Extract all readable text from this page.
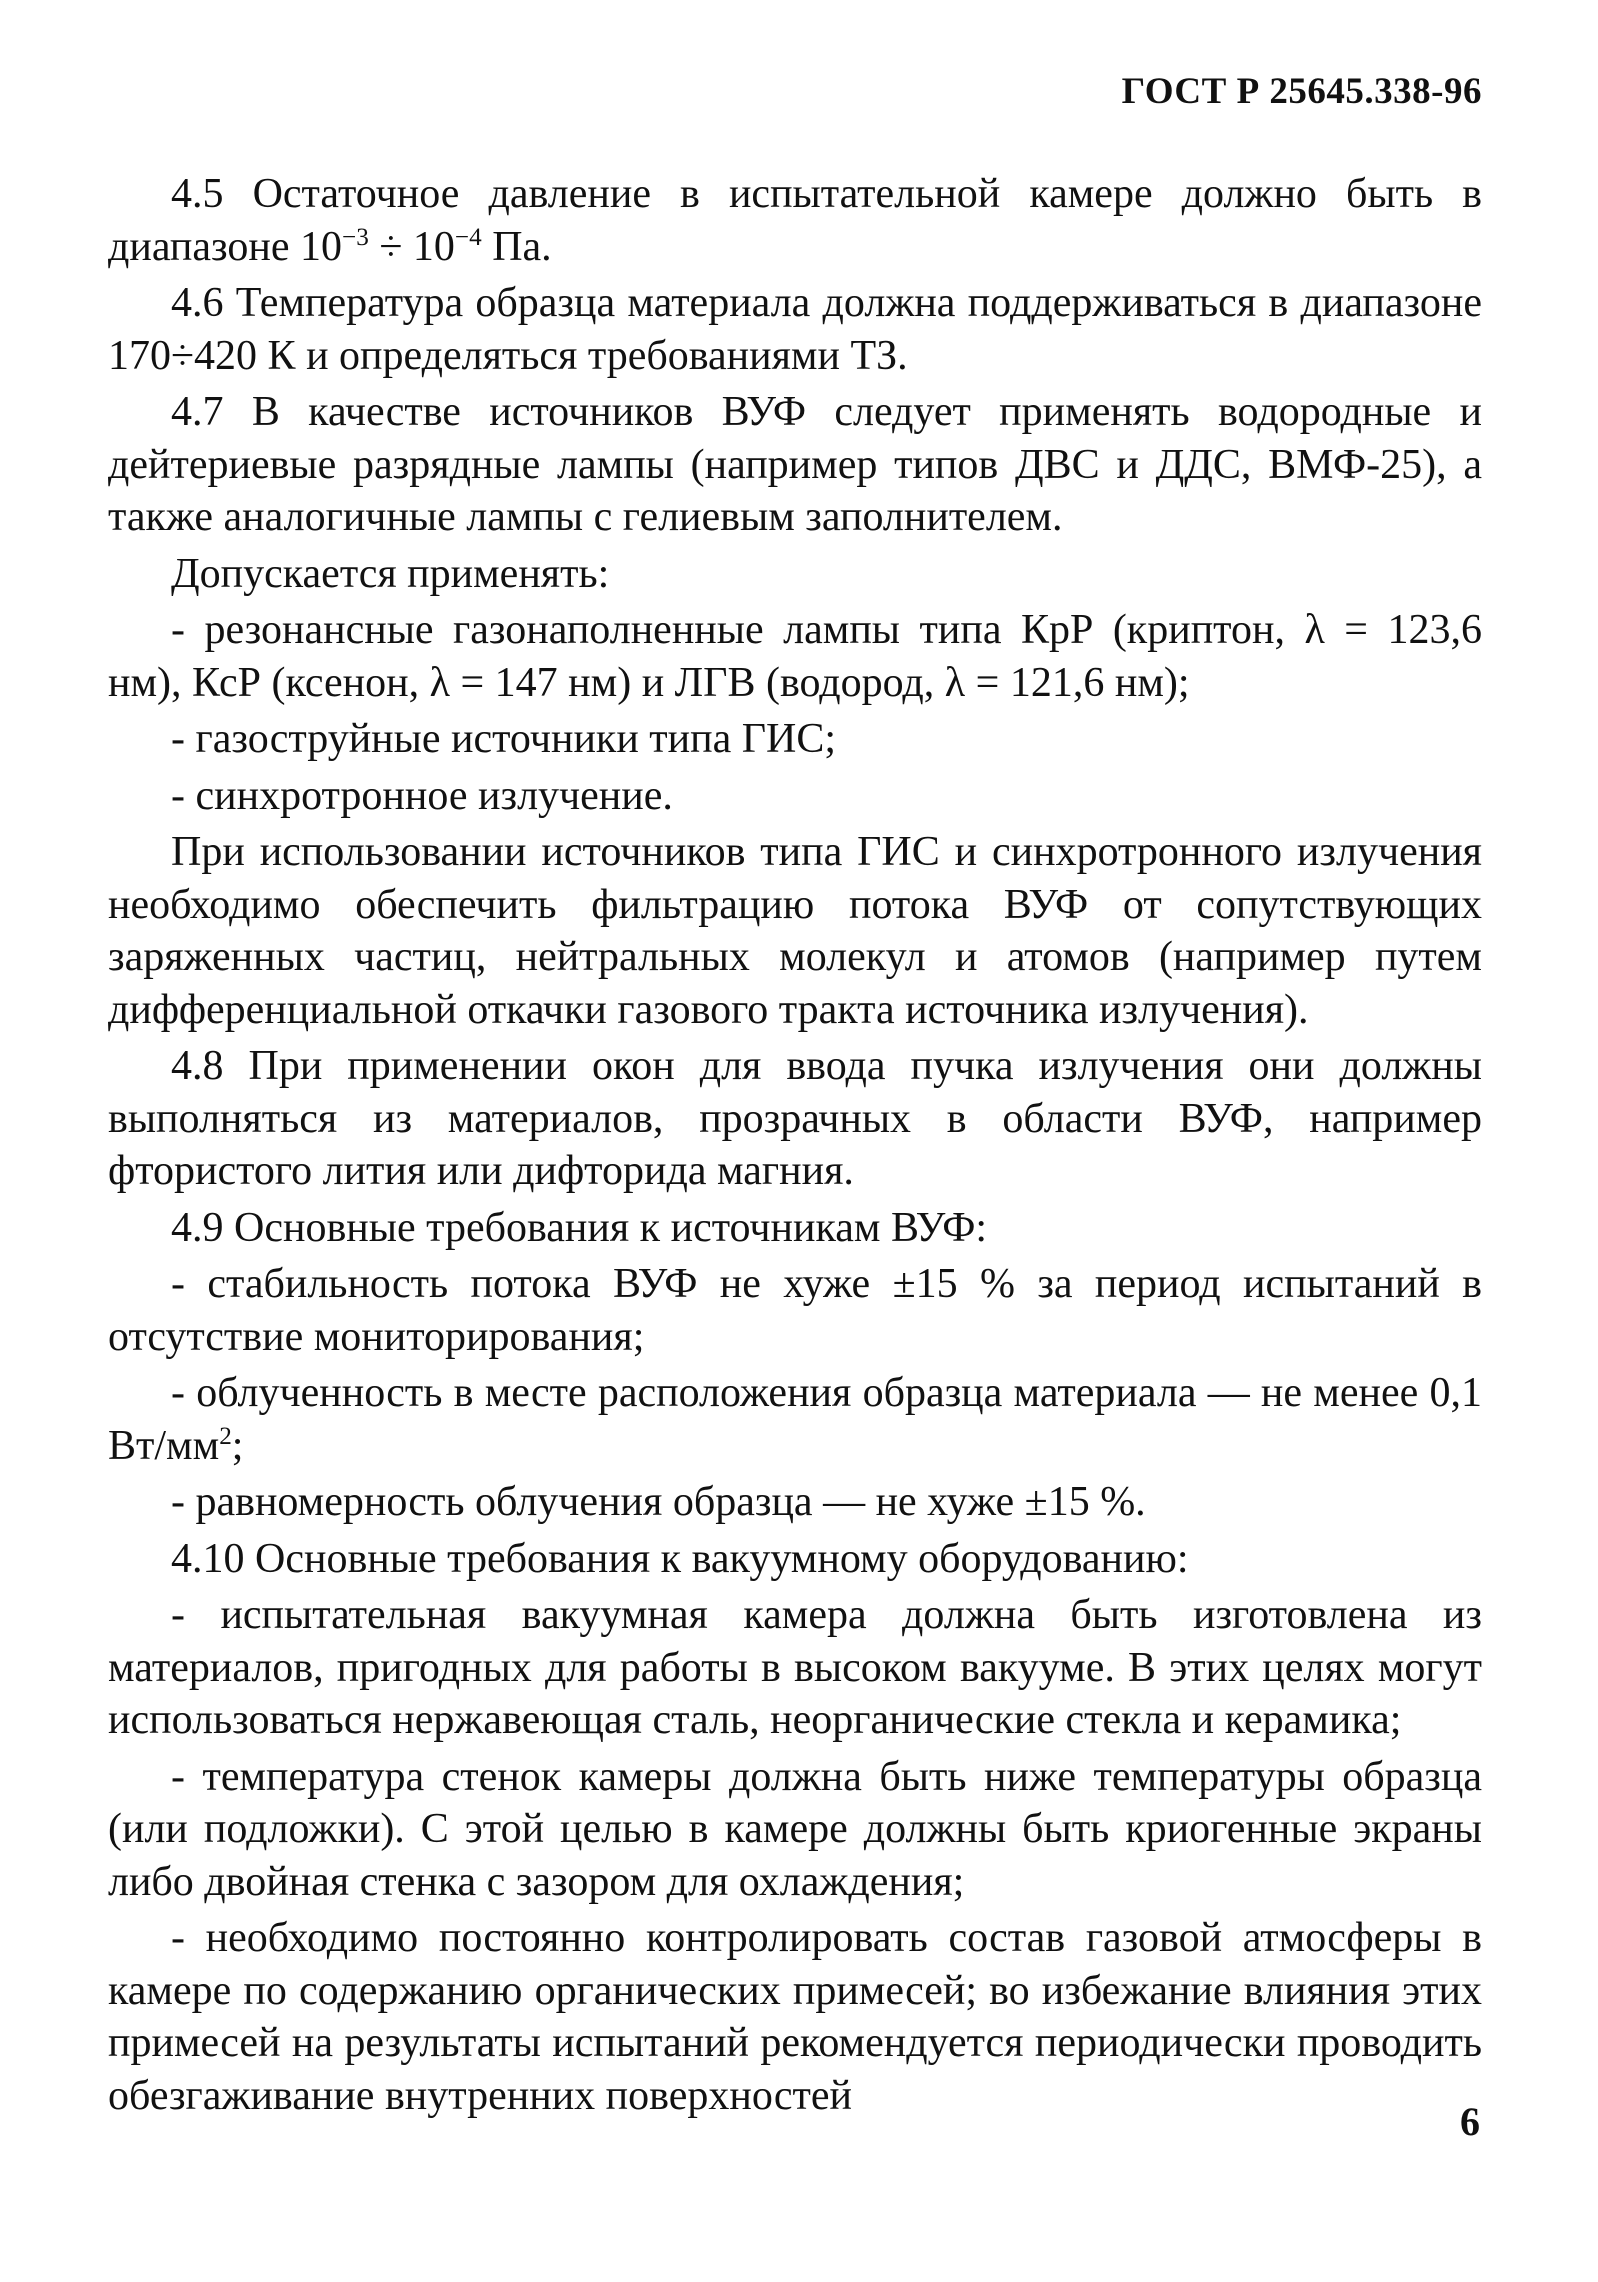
ГОСТ Р 25645.338-96

4.5 Остаточное давление в испытательной камере должно быть в диапазоне $10^{-3} \div 10^{-4}$ Па.

4.6 Температура образца материала должна поддерживаться в диапазоне 170÷420 К и определяться требованиями ТЗ.

4.7 В качестве источников ВУФ следует применять водородные и дейтериевые разрядные лампы (например типов ДВС и ДДС, ВМФ-25), а также аналогичные лампы с гелиевым заполнителем.

Допускается применять:

- резонансные газонаполненные лампы типа КрР (криптон, λ = 123,6 нм), КсР (ксенон, λ = 147 нм) и ЛГВ (водород, λ = 121,6 нм);

- газоструйные источники типа ГИС;

- синхротронное излучение.

При использовании источников типа ГИС и синхротронного излучения необходимо обеспечить фильтрацию потока ВУФ от сопутствующих заряженных частиц, нейтральных молекул и атомов (например путем дифференциальной откачки газового тракта источника излучения).

4.8 При применении окон для ввода пучка излучения они должны выполняться из материалов, прозрачных в области ВУФ, например фтористого лития или дифторида магния.

4.9 Основные требования к источникам ВУФ:

- стабильность потока ВУФ не хуже ±15 % за период испытаний в отсутствие мониторирования;

- облученность в месте расположения образца материала — не менее 0,1 $Вт/мм^2$;

- равномерность облучения образца — не хуже ±15 %.

4.10 Основные требования к вакуумному оборудованию:

- испытательная вакуумная камера должна быть изготовлена из материалов, пригодных для работы в высоком вакууме. В этих целях могут использоваться нержавеющая сталь, неорганические стекла и керамика;

- температура стенок камеры должна быть ниже температуры образца (или подложки). С этой целью в камере должны быть криогенные экраны либо двойная стенка с зазором для охлаждения;

- необходимо постоянно контролировать состав газовой атмосферы в камере по содержанию органических примесей; во избежание влияния этих примесей на результаты испытаний рекомендуется периодически проводить обезгаживание внутренних поверхностей

6
